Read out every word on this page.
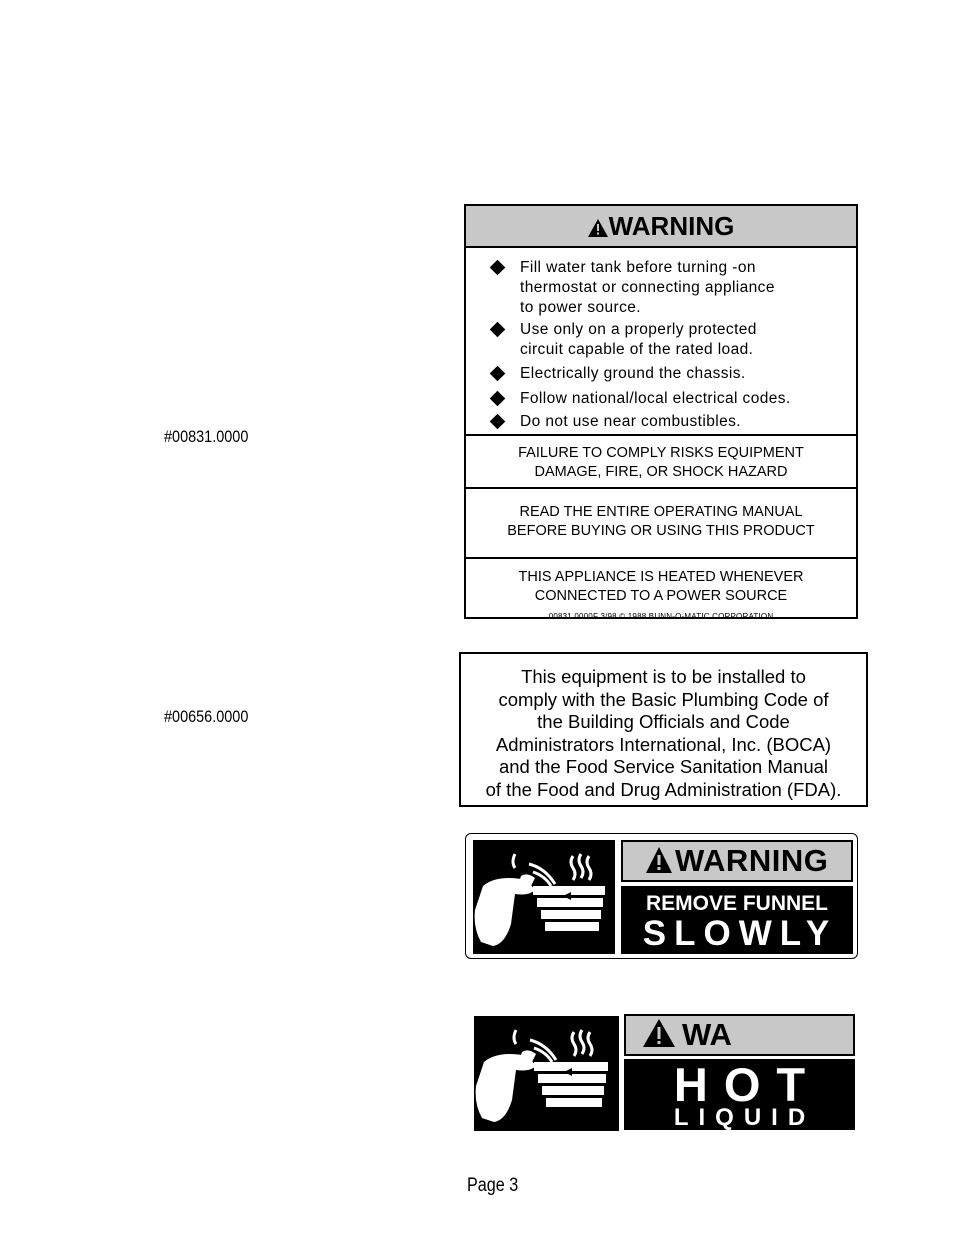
#00831.0000
#00656.0000
WARNING
Fill water tank before turning -on
thermostat or connecting appliance
to power source.
Use only on a properly protected
circuit capable of the rated load.
Electrically ground the chassis.
Follow national/local electrical codes.
Do not use near combustibles.
FAILURE TO COMPLY RISKS EQUIPMENT
DAMAGE, FIRE, OR SHOCK HAZARD
READ THE ENTIRE OPERATING MANUAL
BEFORE BUYING OR USING THIS PRODUCT
THIS APPLIANCE IS HEATED WHENEVER
CONNECTED TO A POWER SOURCE
00831.0000F 3/98 © 1988 BUNN-O-MATIC CORPORATION
This equipment is to be installed to
comply with the Basic Plumbing Code of
the Building Officials and Code
Administrators International, Inc. (BOCA)
and the Food Service Sanitation Manual
of the Food and Drug Administration (FDA).
WARNING
REMOVE FUNNEL
SLOWLY
WA
HOT
LIQUID
Page 3
